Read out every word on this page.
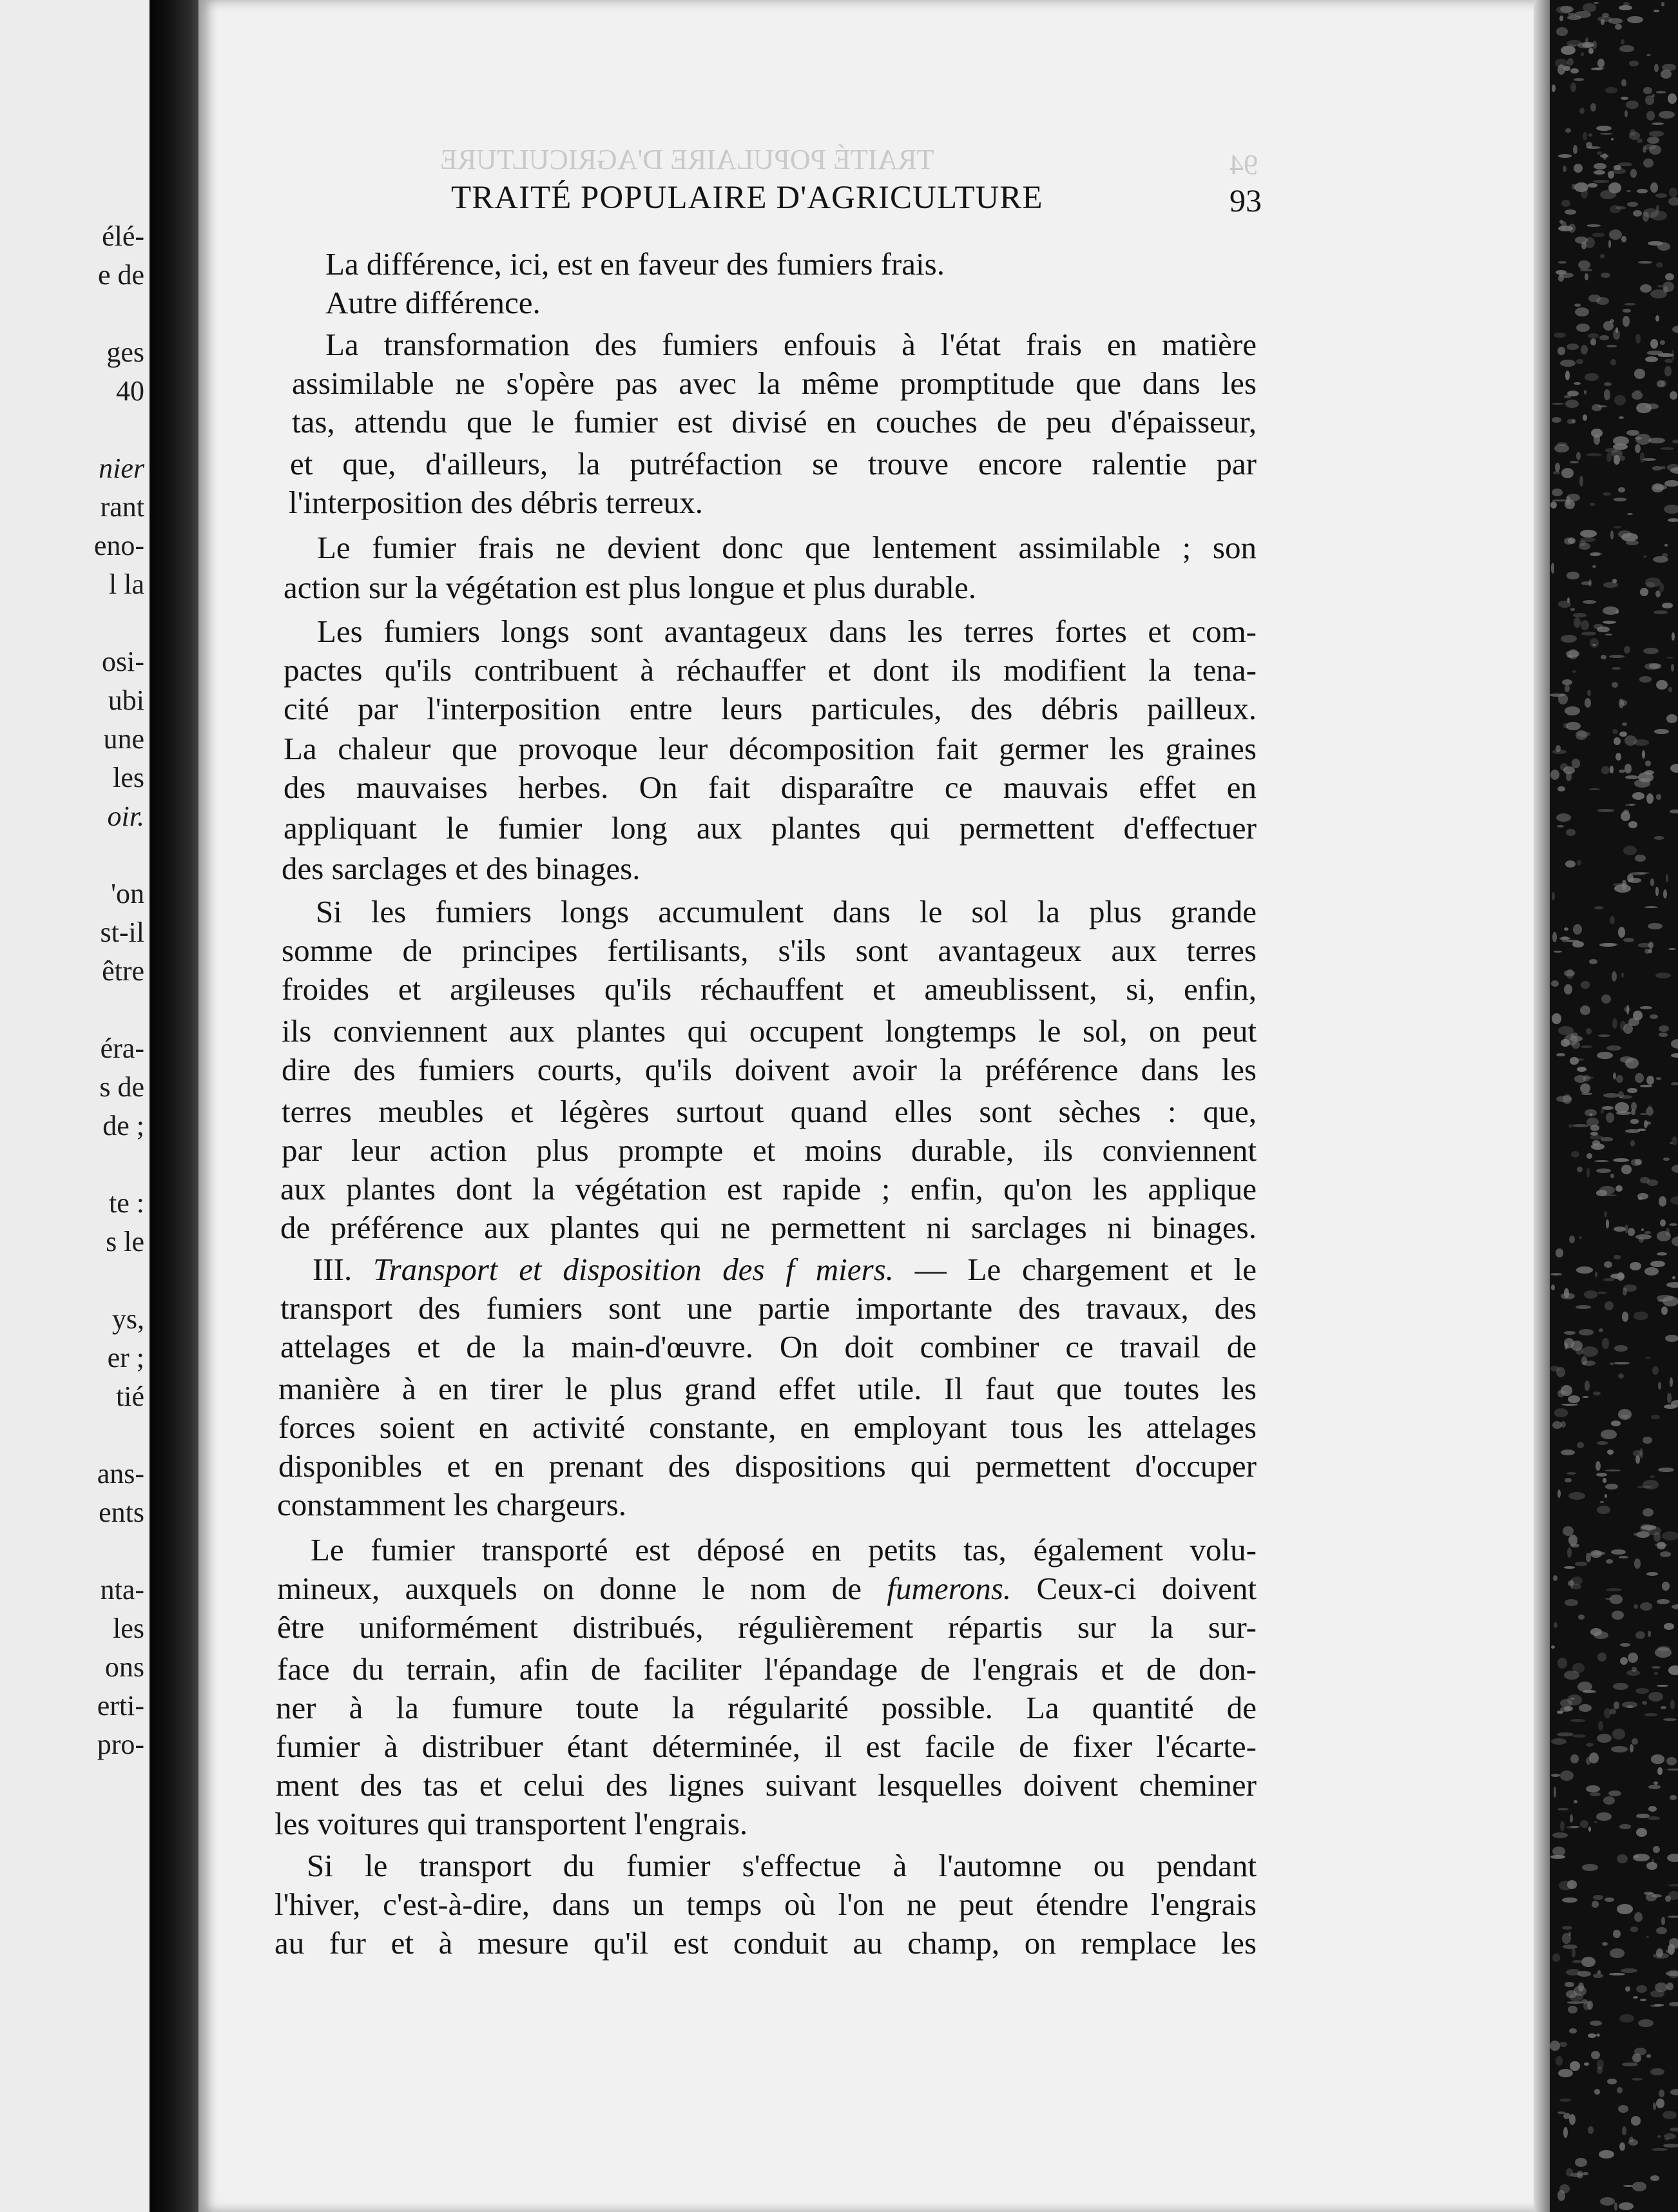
élé-
e de
ges
40
nier
rant
eno-
l la
osi-
ubi
une
les
oir.
'on
st-il
être
éra-
s de
de ;
te :
s le
ys,
er ;
tié
ans-
ents
nta-
les
ons
erti-
pro-
TRAITÉ POPULAIRE D'AGRICULTURE	94
TRAITÉ POPULAIRE D'AGRICULTURE	93
La différence, ici, est en faveur des fumiers frais.
Autre différence.
La transformation des fumiers enfouis à l'état frais en matière
assimilable ne s'opère pas avec la même promptitude que dans les
tas, attendu que le fumier est divisé en couches de peu d'épaisseur,
et que, d'ailleurs, la putréfaction se trouve encore ralentie par
l'interposition des débris terreux.
Le fumier frais ne devient donc que lentement assimilable ; son
action sur la végétation est plus longue et plus durable.
Les fumiers longs sont avantageux dans les terres fortes et com-
pactes qu'ils contribuent à réchauffer et dont ils modifient la tena-
cité par l'interposition entre leurs particules, des débris pailleux.
La chaleur que provoque leur décomposition fait germer les graines
des mauvaises herbes. On fait disparaître ce mauvais effet en
appliquant le fumier long aux plantes qui permettent d'effectuer
des sarclages et des binages.
Si les fumiers longs accumulent dans le sol la plus grande
somme de principes fertilisants, s'ils sont avantageux aux terres
froides et argileuses qu'ils réchauffent et ameublissent, si, enfin,
ils conviennent aux plantes qui occupent longtemps le sol, on peut
dire des fumiers courts, qu'ils doivent avoir la préférence dans les
terres meubles et légères surtout quand elles sont sèches : que,
par leur action plus prompte et moins durable, ils conviennent
aux plantes dont la végétation est rapide ; enfin, qu'on les applique
de préférence aux plantes qui ne permettent ni sarclages ni binages.
III. Transport et disposition des f miers. — Le chargement et le
transport des fumiers sont une partie importante des travaux, des
attelages et de la main-d'œuvre. On doit combiner ce travail de
manière à en tirer le plus grand effet utile. Il faut que toutes les
forces soient en activité constante, en employant tous les attelages
disponibles et en prenant des dispositions qui permettent d'occuper
constamment les chargeurs.
Le fumier transporté est déposé en petits tas, également volu-
mineux, auxquels on donne le nom de fumerons. Ceux-ci doivent
être uniformément distribués, régulièrement répartis sur la sur-
face du terrain, afin de faciliter l'épandage de l'engrais et de don-
ner à la fumure toute la régularité possible. La quantité de
fumier à distribuer étant déterminée, il est facile de fixer l'écarte-
ment des tas et celui des lignes suivant lesquelles doivent cheminer
les voitures qui transportent l'engrais.
Si le transport du fumier s'effectue à l'automne ou pendant
l'hiver, c'est-à-dire, dans un temps où l'on ne peut étendre l'engrais
au fur et à mesure qu'il est conduit au champ, on remplace les
